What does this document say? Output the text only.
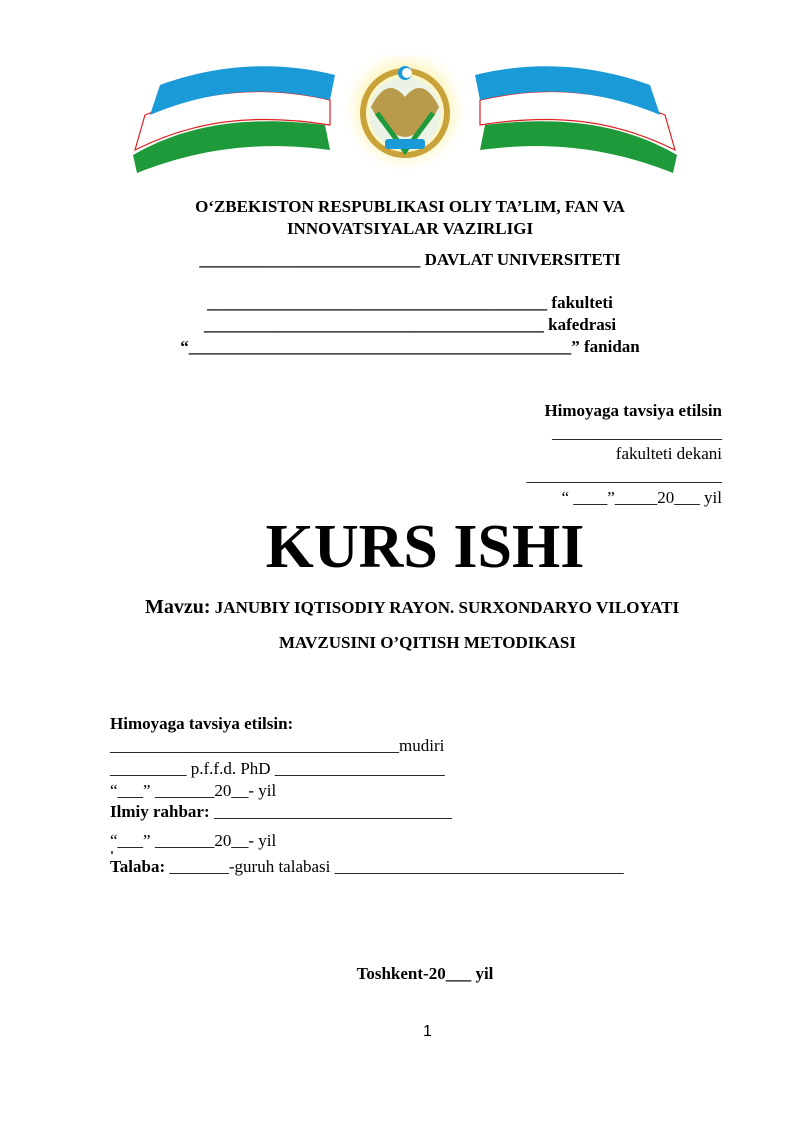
O‘ZBEKISTON RESPUBLIKASI OLIY TA’LIM, FAN VA
INNOVATSIYALAR VAZIRLIGI
__________________________ DAVLAT UNIVERSITETI
________________________________________ fakulteti
________________________________________ kafedrasi
“_____________________________________________” fanidan
Himoyaga tavsiya etilsin
____________________
fakulteti dekani
_______________________
“ ____”_____20___ yil
KURS ISHI
Mavzu: JANUBIY IQTISODIY RAYON. SURXONDARYO VILOYATI
MAVZUSINI O’QITISH METODIKASI
Himoyaga tavsiya etilsin:
__________________________________mudiri
_________ p.f.f.d. PhD ____________________
“___” _______20__- yil
Ilmiy rahbar: ____________________________
“___” _______20__- yil
Talaba: _______-guruh talabasi __________________________________
Toshkent-20___ yil
1
